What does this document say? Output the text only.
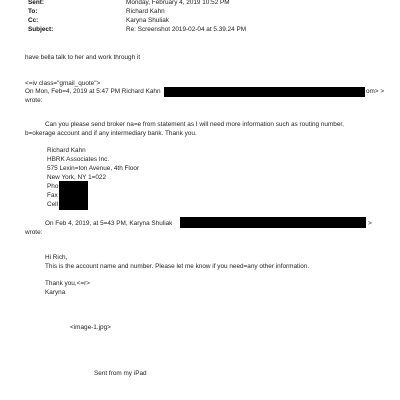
Sent:	Monday, February 4, 2019 10:52 PM
To:	Richard Kahn
Cc:	Karyna Shuliak
Subject:	Re: Screenshot 2019-02-04 at 5.39.24 PM
have bella talk to her and work through it
<=iv class="gmail_quote">
On Mon, Feb=4, 2019 at 5:47 PM Richard Kahn	om> >
wrote:
Can you please send broker na=e from statement as I will need more information such as routing number,
b=okerage account and if any intermediary bank. Thank you.
Richard Kahn
HBRK Associates Inc.
575 Lexin=ton Avenue, 4th Floor
New York, NY 1=022
Pho
Fax
Cell
On Feb 4, 2019, at 5=43 PM, Karyna Shuliak	>
wrote:
Hi Rich,
This is the account name and number. Please let me know if you need=any other information.
Thank you,<=r>
Karyna
<image-1.jpg>
Sent from my iPad
